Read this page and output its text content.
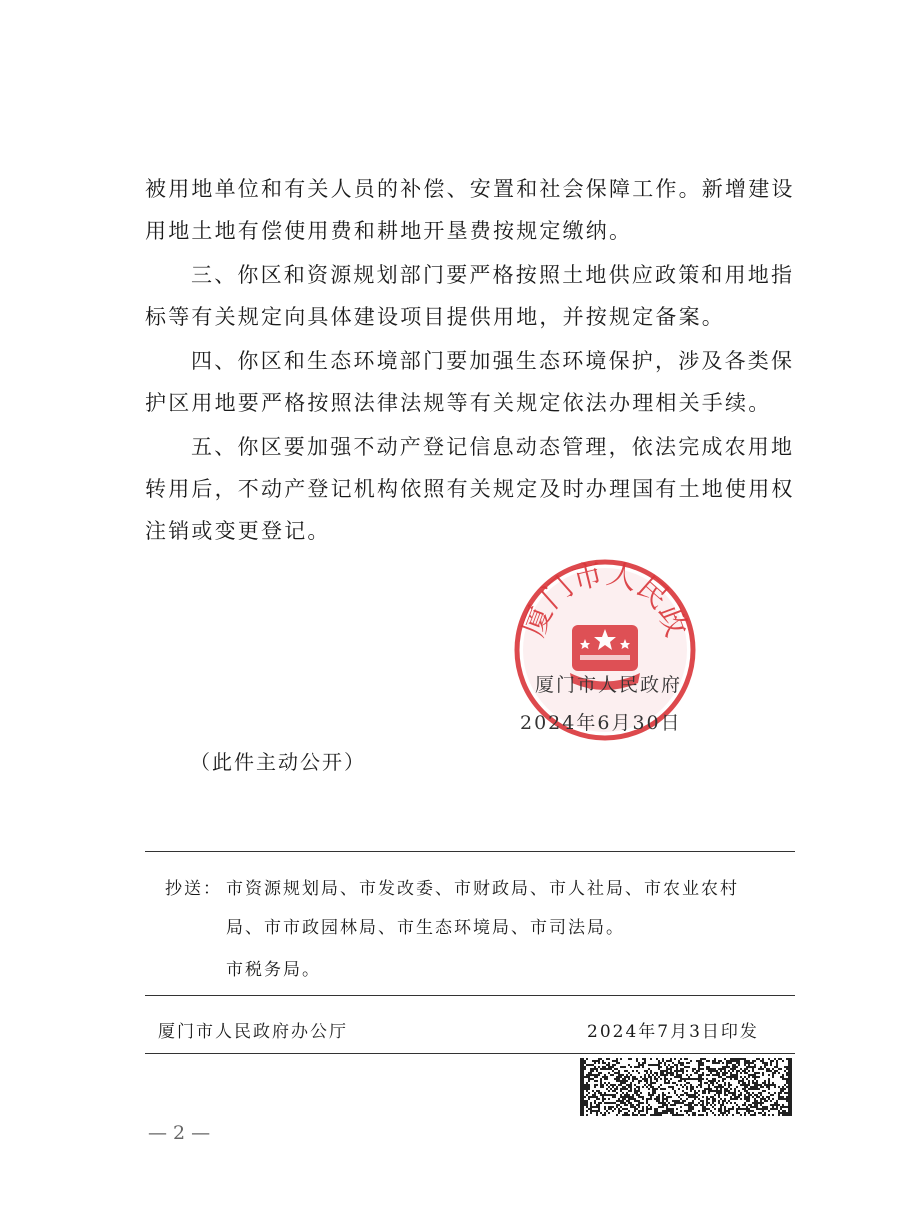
被用地单位和有关人员的补偿、安置和社会保障工作。新增建设
用地土地有偿使用费和耕地开垦费按规定缴纳。
三、你区和资源规划部门要严格按照土地供应政策和用地指
标等有关规定向具体建设项目提供用地，并按规定备案。
四、你区和生态环境部门要加强生态环境保护，涉及各类保
护区用地要严格按照法律法规等有关规定依法办理相关手续。
五、你区要加强不动产登记信息动态管理，依法完成农用地
转用后，不动产登记机构依照有关规定及时办理国有土地使用权
注销或变更登记。
厦门市人民政
厦门市人民政府
2024年6月30日
（此件主动公开）
抄送： 市资源规划局、市发改委、市财政局、市人社局、市农业农村
局、市市政园林局、市生态环境局、市司法局。
市税务局。
厦门市人民政府办公厅	2024年7月3日印发
— 2 —
